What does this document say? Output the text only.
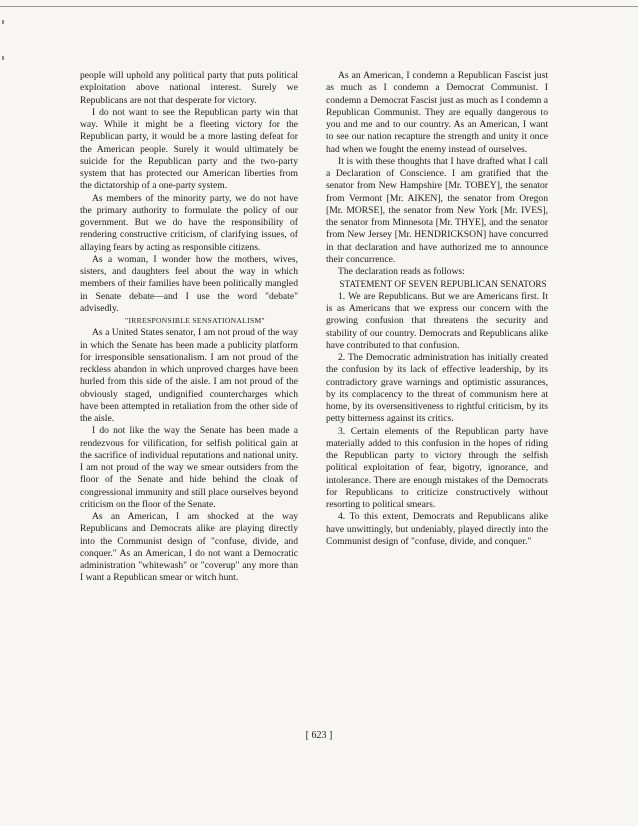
people will uphold any political party that puts political exploitation above national interest. Surely we Republicans are not that desperate for victory.

I do not want to see the Republican party win that way. While it might be a fleeting victory for the Republican party, it would be a more lasting defeat for the American people. Surely it would ultimately be suicide for the Republican party and the two-party system that has protected our American liberties from the dictatorship of a one-party system.

As members of the minority party, we do not have the primary authority to formulate the policy of our government. But we do have the responsibility of rendering constructive criticism, of clarifying issues, of allaying fears by acting as responsible citizens.

As a woman, I wonder how the mothers, wives, sisters, and daughters feel about the way in which members of their families have been politically mangled in Senate debate—and I use the word "debate" advisedly.

"IRRESPONSIBLE SENSATIONALISM"

As a United States senator, I am not proud of the way in which the Senate has been made a publicity platform for irresponsible sensationalism. I am not proud of the reckless abandon in which unproved charges have been hurled from this side of the aisle. I am not proud of the obviously staged, undignified countercharges which have been attempted in retaliation from the other side of the aisle.

I do not like the way the Senate has been made a rendezvous for vilification, for selfish political gain at the sacrifice of individual reputations and national unity. I am not proud of the way we smear outsiders from the floor of the Senate and hide behind the cloak of congressional immunity and still place ourselves beyond criticism on the floor of the Senate.

As an American, I am shocked at the way Republicans and Democrats alike are playing directly into the Communist design of "confuse, divide, and conquer." As an American, I do not want a Democratic administration "whitewash" or "coverup" any more than I want a Republican smear or witch hunt.

As an American, I condemn a Republican Fascist just as much as I condemn a Democrat Communist. I condemn a Democrat Fascist just as much as I condemn a Republican Communist. They are equally dangerous to you and me and to our country. As an American, I want to see our nation recapture the strength and unity it once had when we fought the enemy instead of ourselves.

It is with these thoughts that I have drafted what I call a Declaration of Conscience. I am gratified that the senator from New Hampshire [Mr. TOBEY], the senator from Vermont [Mr. AIKEN], the senator from Oregon [Mr. MORSE], the senator from New York [Mr. IVES], the senator from Minnesota [Mr. THYE], and the senator from New Jersey [Mr. HENDRICKSON] have concurred in that declaration and have authorized me to announce their concurrence.

The declaration reads as follows:

STATEMENT OF SEVEN REPUBLICAN SENATORS

1. We are Republicans. But we are Americans first. It is as Americans that we express our concern with the growing confusion that threatens the security and stability of our country. Democrats and Republicans alike have contributed to that confusion.

2. The Democratic administration has initially created the confusion by its lack of effective leadership, by its contradictory grave warnings and optimistic assurances, by its complacency to the threat of communism here at home, by its oversensitiveness to rightful criticism, by its petty bitterness against its critics.

3. Certain elements of the Republican party have materially added to this confusion in the hopes of riding the Republican party to victory through the selfish political exploitation of fear, bigotry, ignorance, and intolerance. There are enough mistakes of the Democrats for Republicans to criticize constructively without resorting to political smears.

4. To this extent, Democrats and Republicans alike have unwittingly, but undeniably, played directly into the Communist design of "confuse, divide, and conquer."

[ 623 ]
